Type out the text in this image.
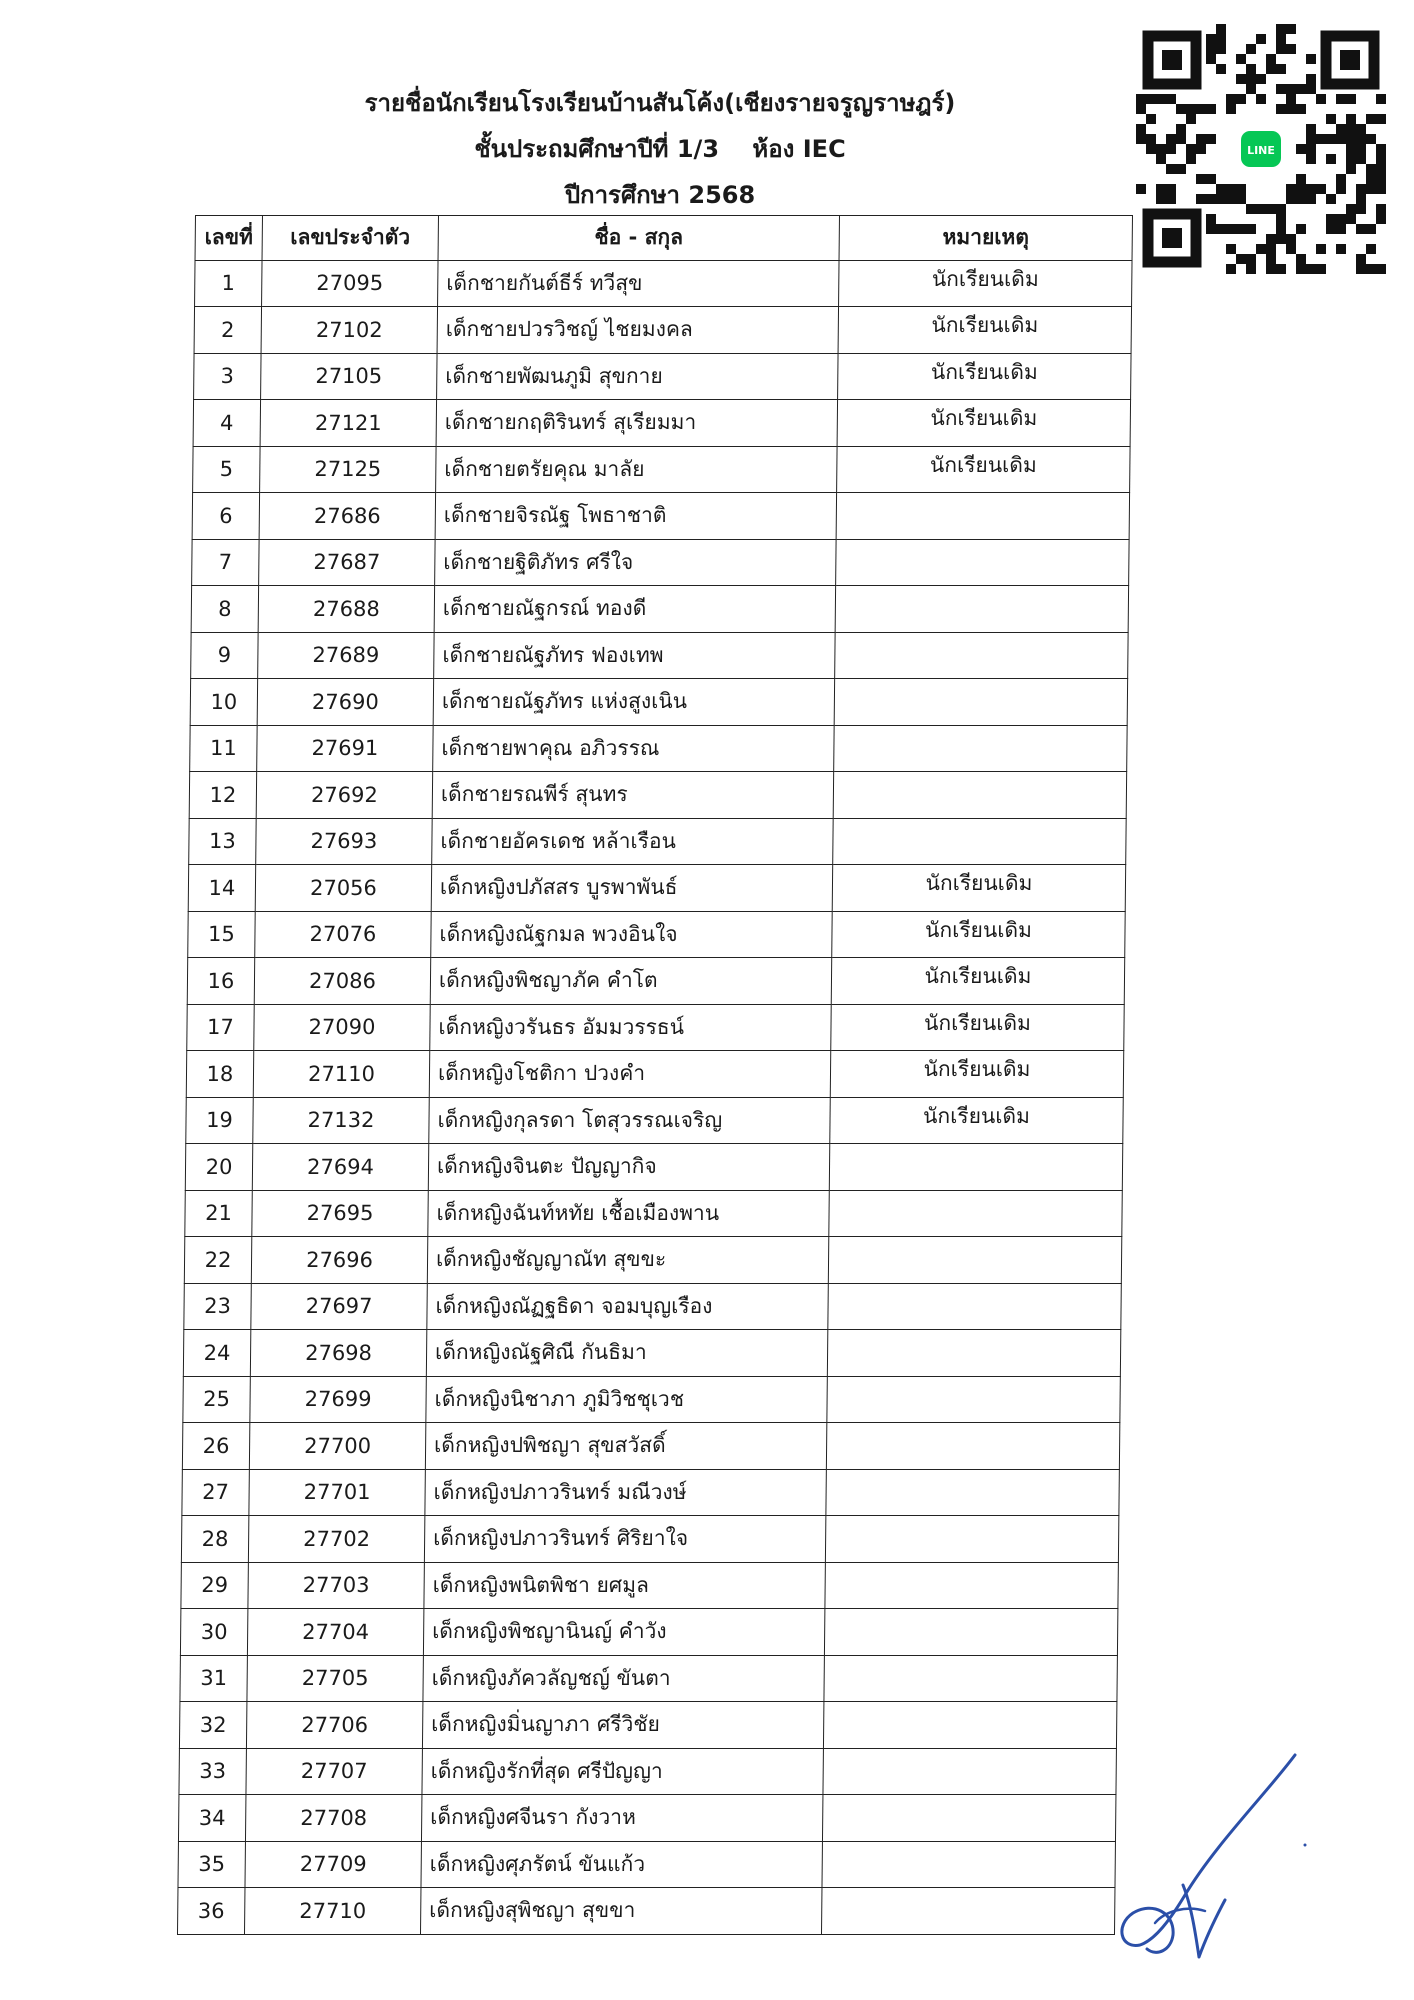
รายชื่อนักเรียนโรงเรียนบ้านสันโค้ง(เชียงรายจรูญราษฎร์)
ชั้นประถมศึกษาปีที่ 1/3    ห้อง IEC
ปีการศึกษา 2568
LINE
เลขที่	เลขประจำตัว	ชื่อ - สกุล	หมายเหตุ
1	27095	เด็กชายกันต์ธีร์ ทวีสุข	นักเรียนเดิม
2	27102	เด็กชายปวรวิชญ์ ไชยมงคล	นักเรียนเดิม
3	27105	เด็กชายพัฒนภูมิ สุขกาย	นักเรียนเดิม
4	27121	เด็กชายกฤติรินทร์ สุเรียมมา	นักเรียนเดิม
5	27125	เด็กชายตรัยคุณ มาลัย	นักเรียนเดิม
6	27686	เด็กชายจิรณัฐ โพธาชาติ	
7	27687	เด็กชายฐิติภัทร ศรีใจ	
8	27688	เด็กชายณัฐกรณ์ ทองดี	
9	27689	เด็กชายณัฐภัทร ฟองเทพ	
10	27690	เด็กชายณัฐภัทร แห่งสูงเนิน	
11	27691	เด็กชายพาคุณ อภิวรรณ	
12	27692	เด็กชายรณพีร์ สุนทร	
13	27693	เด็กชายอัครเดช หล้าเรือน	
14	27056	เด็กหญิงปภัสสร บูรพาพันธ์	นักเรียนเดิม
15	27076	เด็กหญิงณัฐกมล พวงอินใจ	นักเรียนเดิม
16	27086	เด็กหญิงพิชญาภัค คำโต	นักเรียนเดิม
17	27090	เด็กหญิงวรันธร อัมมวรรธน์	นักเรียนเดิม
18	27110	เด็กหญิงโชติกา ปวงคำ	นักเรียนเดิม
19	27132	เด็กหญิงกุลรดา โตสุวรรณเจริญ	นักเรียนเดิม
20	27694	เด็กหญิงจินตะ ปัญญากิจ	
21	27695	เด็กหญิงฉันท์หทัย เชื้อเมืองพาน	
22	27696	เด็กหญิงชัญญาณัท สุขขะ	
23	27697	เด็กหญิงณัฏฐธิดา จอมบุญเรือง	
24	27698	เด็กหญิงณัฐศิณี กันธิมา	
25	27699	เด็กหญิงนิชาภา ภูมิวิชชุเวช	
26	27700	เด็กหญิงปพิชญา สุขสวัสดิ์	
27	27701	เด็กหญิงปภาวรินทร์ มณีวงษ์	
28	27702	เด็กหญิงปภาวรินทร์ ศิริยาใจ	
29	27703	เด็กหญิงพนิตพิชา ยศมูล	
30	27704	เด็กหญิงพิชญานินญ์ คำวัง	
31	27705	เด็กหญิงภัควลัญชญ์ ขันตา	
32	27706	เด็กหญิงมิ่นญาภา ศรีวิชัย	
33	27707	เด็กหญิงรักที่สุด ศรีปัญญา	
34	27708	เด็กหญิงศจีนรา กังวาห	
35	27709	เด็กหญิงศุภรัตน์ ขันแก้ว	
36	27710	เด็กหญิงสุพิชญา สุขขา	
